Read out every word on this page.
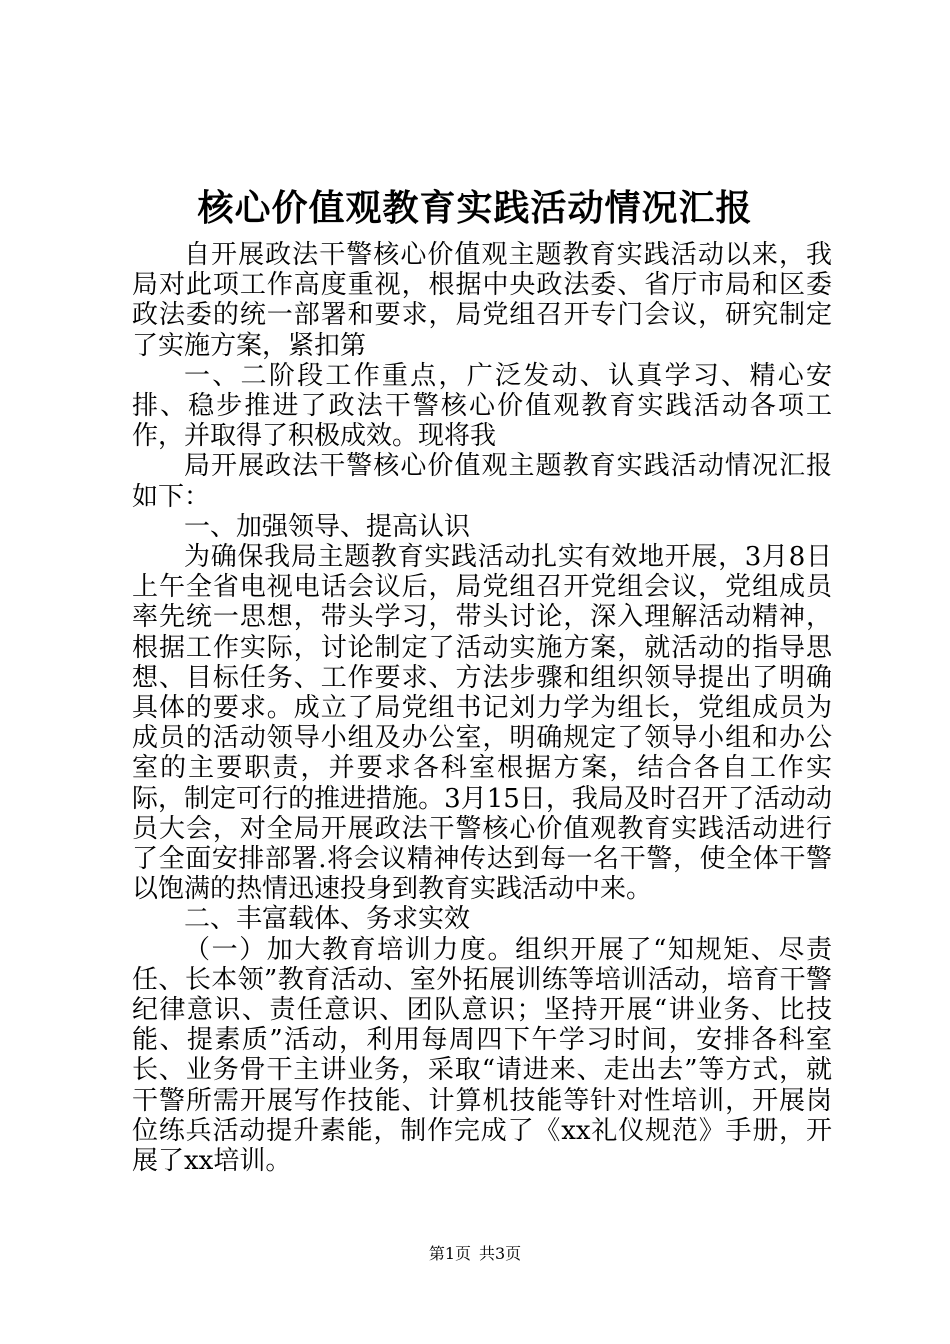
核心价值观教育实践活动情况汇报

自开展政法干警核心价值观主题教育实践活动以来，我局对此项工作高度重视，根据中央政法委、省厅市局和区委政法委的统一部署和要求，局党组召开专门会议，研究制定了实施方案，紧扣第

一、二阶段工作重点，广泛发动、认真学习、精心安排、稳步推进了政法干警核心价值观教育实践活动各项工作，并取得了积极成效。现将我

局开展政法干警核心价值观主题教育实践活动情况汇报如下：

一、加强领导、提高认识

为确保我局主题教育实践活动扎实有效地开展，3月8日上午全省电视电话会议后，局党组召开党组会议，党组成员率先统一思想，带头学习，带头讨论，深入理解活动精神，根据工作实际，讨论制定了活动实施方案，就活动的指导思想、目标任务、工作要求、方法步骤和组织领导提出了明确具体的要求。成立了局党组书记刘力学为组长，党组成员为成员的活动领导小组及办公室，明确规定了领导小组和办公室的主要职责，并要求各科室根据方案，结合各自工作实际，制定可行的推进措施。3月15日，我局及时召开了活动动员大会，对全局开展政法干警核心价值观教育实践活动进行了全面安排部署.将会议精神传达到每一名干警，使全体干警以饱满的热情迅速投身到教育实践活动中来。

二、丰富载体、务求实效

（一）加大教育培训力度。组织开展了“知规矩、尽责任、长本领”教育活动、室外拓展训练等培训活动，培育干警纪律意识、责任意识、团队意识；坚持开展“讲业务、比技能、提素质”活动，利用每周四下午学习时间，安排各科室长、业务骨干主讲业务，采取“请进来、走出去”等方式，就干警所需开展写作技能、计算机技能等针对性培训，开展岗位练兵活动提升素能，制作完成了《xx礼仪规范》手册，开展了xx培训。

第1页 共3页
